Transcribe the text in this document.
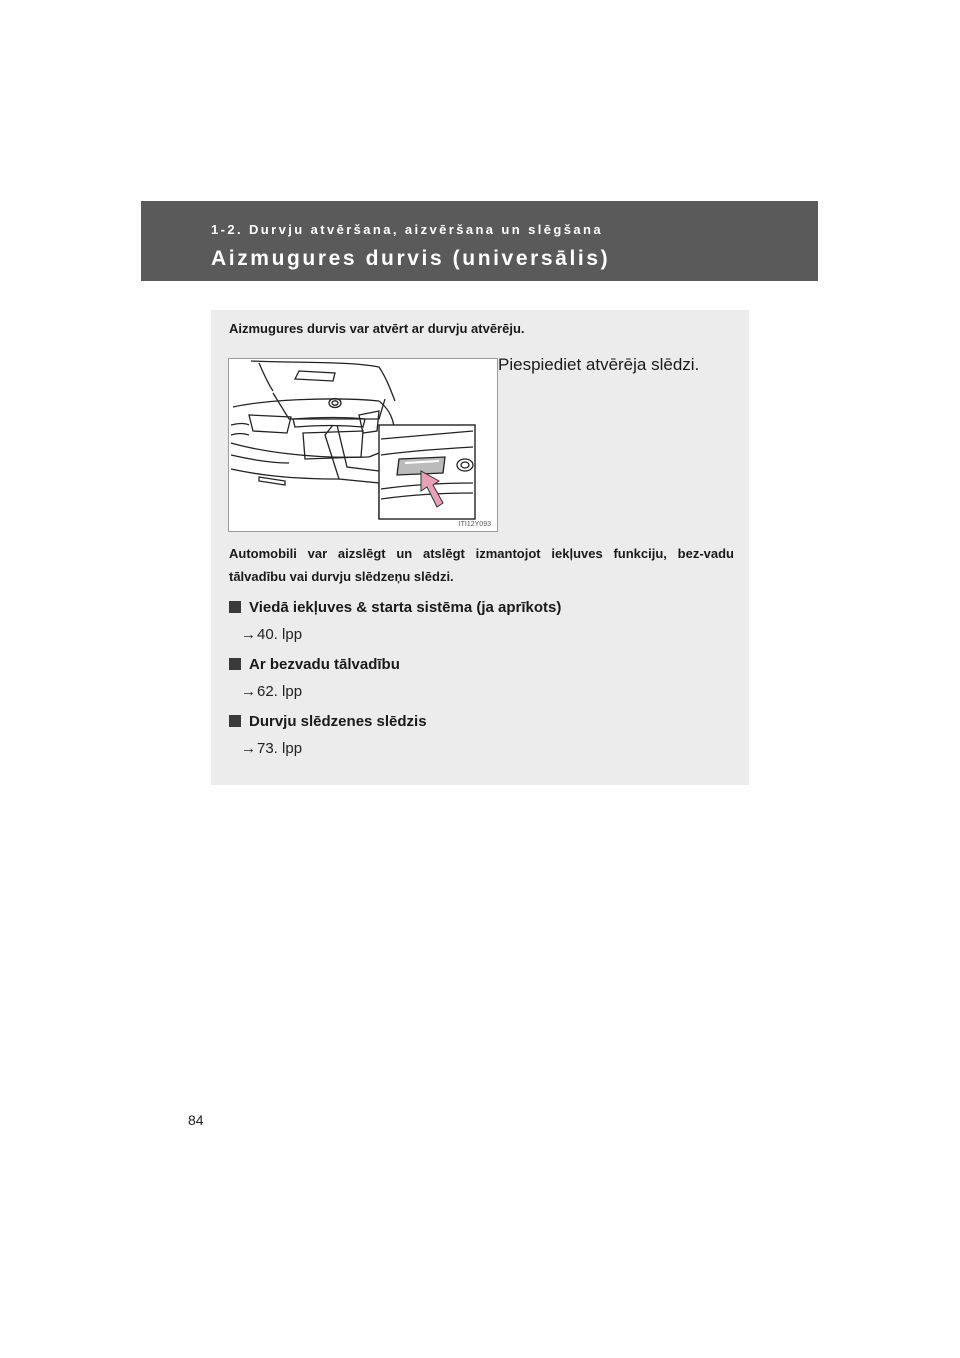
1-2. Durvju atvēršana, aizvēršana un slēgšana

Aizmugures durvis (universālis)

Aizmugures durvis var atvērt ar durvju atvērēju.

ITI12Y093

Piespiediet atvērēja slēdzi.

Automobili var aizslēgt un atslēgt izmantojot iekļuves funkciju, bez-vadu tālvadību vai durvju slēdzeņu slēdzi.

Viedā iekļuves & starta sistēma (ja aprīkots)

→ 40. lpp

Ar bezvadu tālvadību

→ 62. lpp

Durvju slēdzenes slēdzis

→ 73. lpp

84
